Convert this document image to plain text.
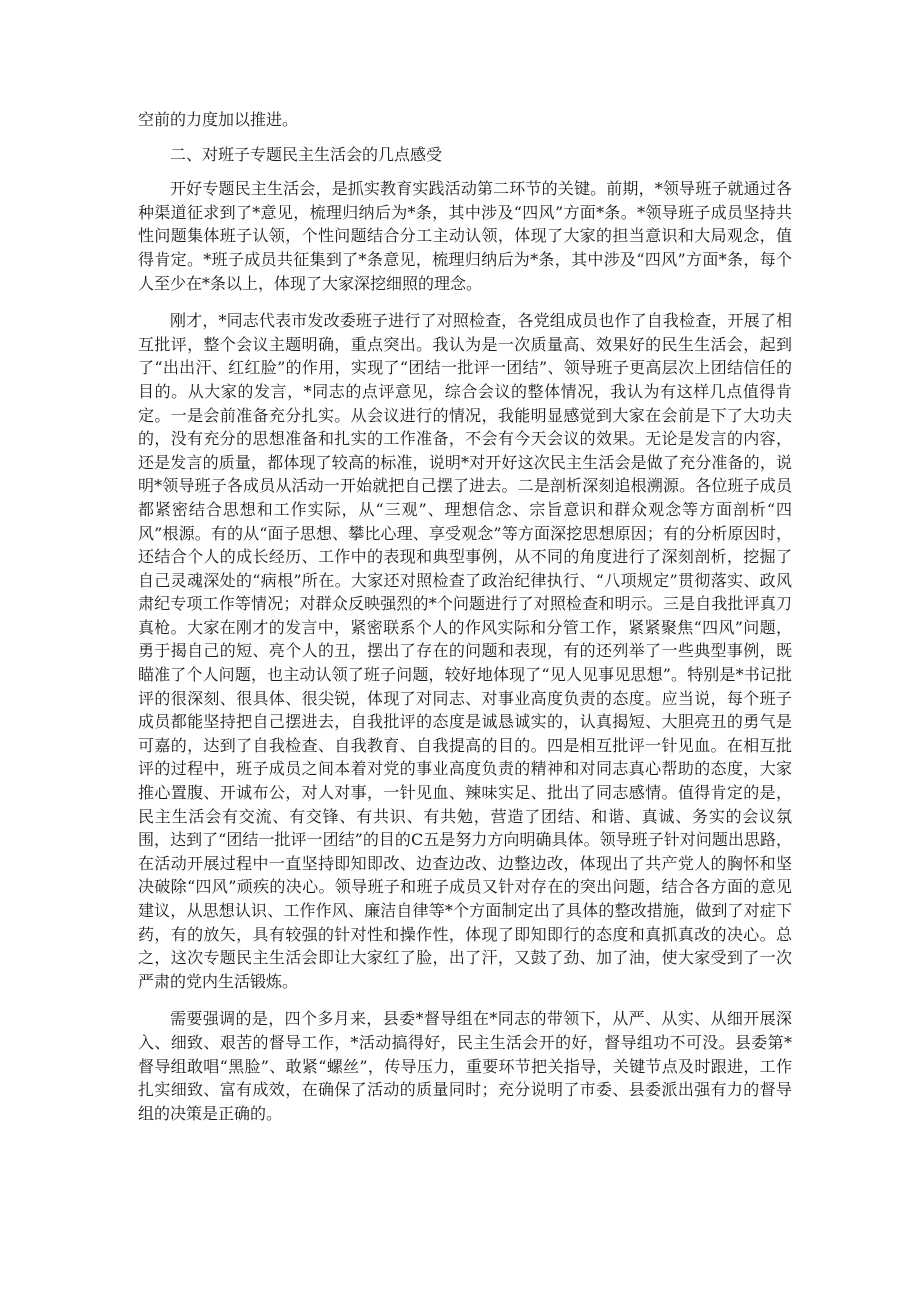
空前的力度加以推进。

二、对班子专题民主生活会的几点感受

开好专题民主生活会，是抓实教育实践活动第二环节的关键。前期，*领导班子就通过各种渠道征求到了*意见，梳理归纳后为*条，其中涉及“四风”方面*条。*领导班子成员坚持共性问题集体班子认领，个性问题结合分工主动认领，体现了大家的担当意识和大局观念，值得肯定。*班子成员共征集到了*条意见，梳理归纳后为*条，其中涉及“四风”方面*条，每个人至少在*条以上，体现了大家深挖细照的理念。

刚才，*同志代表市发改委班子进行了对照检查，各党组成员也作了自我检查，开展了相互批评，整个会议主题明确，重点突出。我认为是一次质量高、效果好的民生生活会，起到了“出出汗、红红脸”的作用，实现了“团结一批评一团结”、领导班子更高层次上团结信任的目的。从大家的发言，*同志的点评意见，综合会议的整体情况，我认为有这样几点值得肯定。一是会前准备充分扎实。从会议进行的情况，我能明显感觉到大家在会前是下了大功夫的，没有充分的思想准备和扎实的工作准备，不会有今天会议的效果。无论是发言的内容，还是发言的质量，都体现了较高的标准，说明*对开好这次民主生活会是做了充分准备的，说明*领导班子各成员从活动一开始就把自己摆了进去。二是剖析深刻追根溯源。各位班子成员都紧密结合思想和工作实际，从“三观”、理想信念、宗旨意识和群众观念等方面剖析“四风”根源。有的从“面子思想、攀比心理、享受观念”等方面深挖思想原因；有的分析原因时，还结合个人的成长经历、工作中的表现和典型事例，从不同的角度进行了深刻剖析，挖掘了自己灵魂深处的“病根”所在。大家还对照检查了政治纪律执行、“八项规定”贯彻落实、政风肃纪专项工作等情况；对群众反映强烈的*个问题进行了对照检查和明示。三是自我批评真刀真枪。大家在刚才的发言中，紧密联系个人的作风实际和分管工作，紧紧聚焦“四风”问题，勇于揭自己的短、亮个人的丑，摆出了存在的问题和表现，有的还列举了一些典型事例，既瞄准了个人问题，也主动认领了班子问题，较好地体现了“见人见事见思想”。特别是*书记批评的很深刻、很具体、很尖锐，体现了对同志、对事业高度负责的态度。应当说，每个班子成员都能坚持把自己摆进去，自我批评的态度是诚恳诚实的，认真揭短、大胆亮丑的勇气是可嘉的，达到了自我检查、自我教育、自我提高的目的。四是相互批评一针见血。在相互批评的过程中，班子成员之间本着对党的事业高度负责的精神和对同志真心帮助的态度，大家推心置腹、开诚布公，对人对事，一针见血、辣味实足、批出了同志感情。值得肯定的是，民主生活会有交流、有交锋、有共识、有共勉，营造了团结、和谐、真诚、务实的会议氛围，达到了“团结一批评一团结”的目的C五是努力方向明确具体。领导班子针对问题出思路，在活动开展过程中一直坚持即知即改、边查边改、边整边改，体现出了共产党人的胸怀和坚决破除“四风”顽疾的决心。领导班子和班子成员又针对存在的突出问题，结合各方面的意见建议，从思想认识、工作作风、廉洁自律等*个方面制定出了具体的整改措施，做到了对症下药，有的放矢，具有较强的针对性和操作性，体现了即知即行的态度和真抓真改的决心。总之，这次专题民主生活会即让大家红了脸，出了汗，又鼓了劲、加了油，使大家受到了一次严肃的党内生活锻炼。

需要强调的是，四个多月来，县委*督导组在*同志的带领下，从严、从实、从细开展深入、细致、艰苦的督导工作，*活动搞得好，民主生活会开的好，督导组功不可没。县委第*督导组敢唱“黑脸”、敢紧“螺丝”，传导压力，重要环节把关指导，关键节点及时跟进，工作扎实细致、富有成效，在确保了活动的质量同时；充分说明了市委、县委派出强有力的督导组的决策是正确的。
